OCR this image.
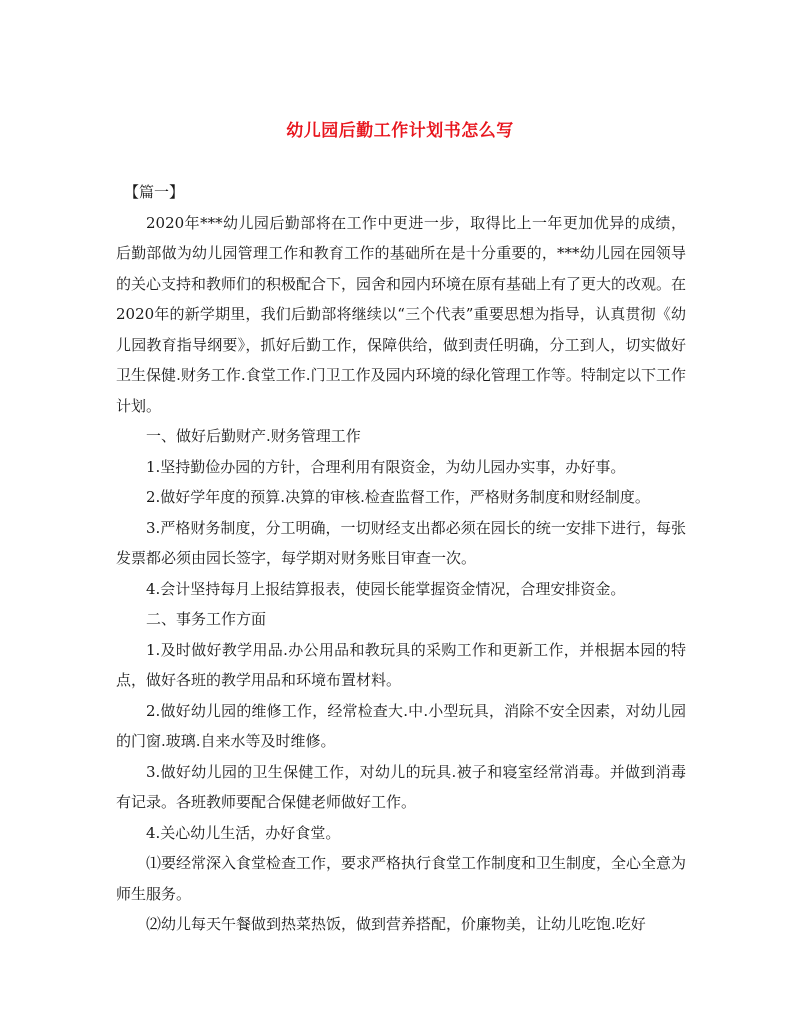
幼儿园后勤工作计划书怎么写

【篇一】

2020年***幼儿园后勤部将在工作中更进一步，取得比上一年更加优异的成绩，后勤部做为幼儿园管理工作和教育工作的基础所在是十分重要的，***幼儿园在园领导的关心支持和教师们的积极配合下，园舍和园内环境在原有基础上有了更大的改观。在2020年的新学期里，我们后勤部将继续以“三个代表”重要思想为指导，认真贯彻《幼儿园教育指导纲要》，抓好后勤工作，保障供给，做到责任明确，分工到人，切实做好卫生保健.财务工作.食堂工作.门卫工作及园内环境的绿化管理工作等。特制定以下工作计划。

一、做好后勤财产.财务管理工作

1.坚持勤俭办园的方针，合理利用有限资金，为幼儿园办实事，办好事。

2.做好学年度的预算.决算的审核.检查监督工作，严格财务制度和财经制度。

3.严格财务制度，分工明确，一切财经支出都必须在园长的统一安排下进行，每张发票都必须由园长签字，每学期对财务账目审查一次。

4.会计坚持每月上报结算报表，使园长能掌握资金情况，合理安排资金。

二、事务工作方面

1.及时做好教学用品.办公用品和教玩具的采购工作和更新工作，并根据本园的特点，做好各班的教学用品和环境布置材料。

2.做好幼儿园的维修工作，经常检查大.中.小型玩具，消除不安全因素，对幼儿园的门窗.玻璃.自来水等及时维修。

3.做好幼儿园的卫生保健工作，对幼儿的玩具.被子和寝室经常消毒。并做到消毒有记录。各班教师要配合保健老师做好工作。

4.关心幼儿生活，办好食堂。

⑴要经常深入食堂检查工作，要求严格执行食堂工作制度和卫生制度，全心全意为师生服务。

⑵幼儿每天午餐做到热菜热饭，做到营养搭配，价廉物美，让幼儿吃饱.吃好
